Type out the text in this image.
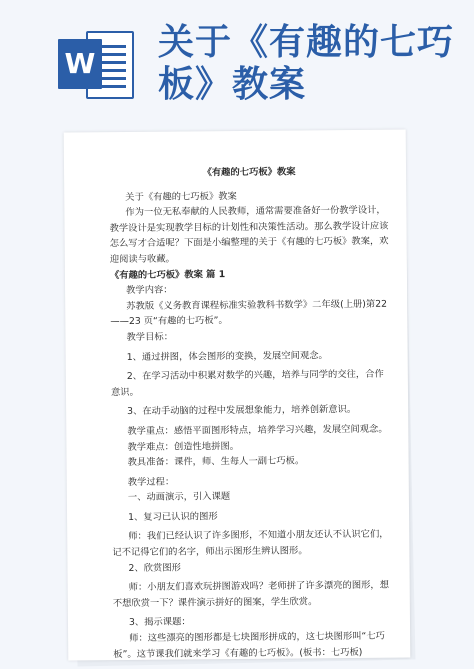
W
关于《有趣的七巧板》教案

《有趣的七巧板》教案

关于《有趣的七巧板》教案

作为一位无私奉献的人民教师，通常需要准备好一份教学设计，教学设计是实现教学目标的计划性和决策性活动。那么教学设计应该怎么写才合适呢？下面是小编整理的关于《有趣的七巧板》教案，欢迎阅读与收藏。

《有趣的七巧板》教案 篇 1

教学内容：

苏教版《义务教育课程标准实验教科书数学》二年级(上册)第22——23 页“有趣的七巧板”。

教学目标：

1、通过拼图，体会图形的变换，发展空间观念。

2、在学习活动中积累对数学的兴趣，培养与同学的交往，合作意识。

3、在动手动脑的过程中发展想象能力，培养创新意识。

教学重点：感悟平面图形特点，培养学习兴趣，发展空间观念。

教学难点：创造性地拼图。

教具准备：课件，师、生每人一副七巧板。

教学过程：

一、动画演示，引入课题

1、复习已认识的图形

师：我们已经认识了许多图形，不知道小朋友还认不认识它们，记不记得它们的名字，师出示图形生辨认图形。

2、欣赏图形

师：小朋友们喜欢玩拼图游戏吗？老师拼了许多漂亮的图形，想不想欣赏一下？课件演示拼好的图案，学生欣赏。

3、揭示课题：

师：这些漂亮的图形都是七块图形拼成的，这七块图形叫“七巧板”。这节课我们就来学习《有趣的七巧板》。(板书：七巧板)
